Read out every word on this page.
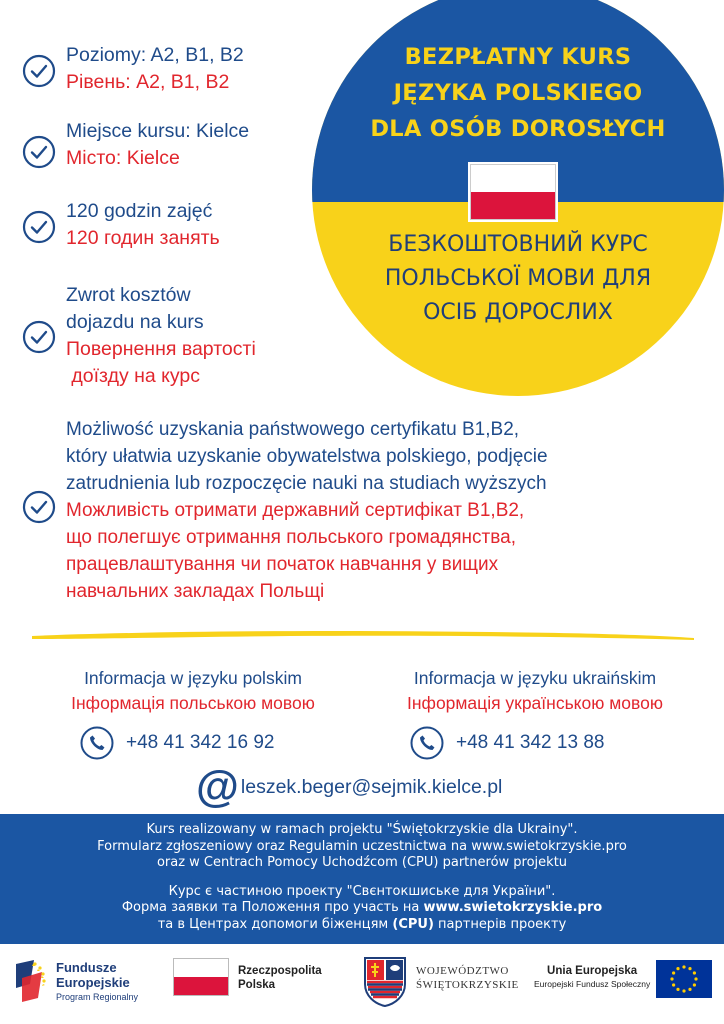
BEZPŁATNY KURS
JĘZYKA POLSKIEGO
DLA OSÓB DOROSŁYCH
БЕЗКОШТОВНИЙ КУРС
ПОЛЬСЬКОЇ МОВИ ДЛЯ
ОСІБ ДОРОСЛИХ
Poziomy: A2, B1, B2
Рівень: A2, B1, B2
Miejsce kursu: Kielce
Місто: Kielce
120 godzin zajęć
120 годин занять
Zwrot kosztów
dojazdu na kurs
Повернення вартості
доїзду на курс
Możliwość uzyskania państwowego certyfikatu B1,B2,
który ułatwia uzyskanie obywatelstwa polskiego, podjęcie
zatrudnienia lub rozpoczęcie nauki na studiach wyższych
Можливість отримати державний сертифікат B1,B2,
що полегшує отримання польського громадянства,
працевлаштування чи початок навчання у вищих
навчальних закладах Польщі
Informacja w języku polskim
Інформація польською мовою
Informacja w języku ukraińskim
Інформація українською мовою
+48 41 342 16 92	+48 41 342 13 88
@ leszek.beger@sejmik.kielce.pl
Kurs realizowany w ramach projektu "Świętokrzyskie dla Ukrainy".
Formularz zgłoszeniowy oraz Regulamin uczestnictwa na www.swietokrzyskie.pro
oraz w Centrach Pomocy Uchodźcom (CPU) partnerów projektu
Курс є частиною проекту "Свєнтокшиське для України".
Форма заявки та Положення про участь на www.swietokrzyskie.pro
та в Центрах допомоги біженцям (CPU) партнерів проекту
Fundusze
Europejskie
Program Regionalny
Rzeczpospolita
Polska
WOJEWÓDZTWO
ŚWIĘTOKRZYSKIE
Unia Europejska
Europejski Fundusz Społeczny
